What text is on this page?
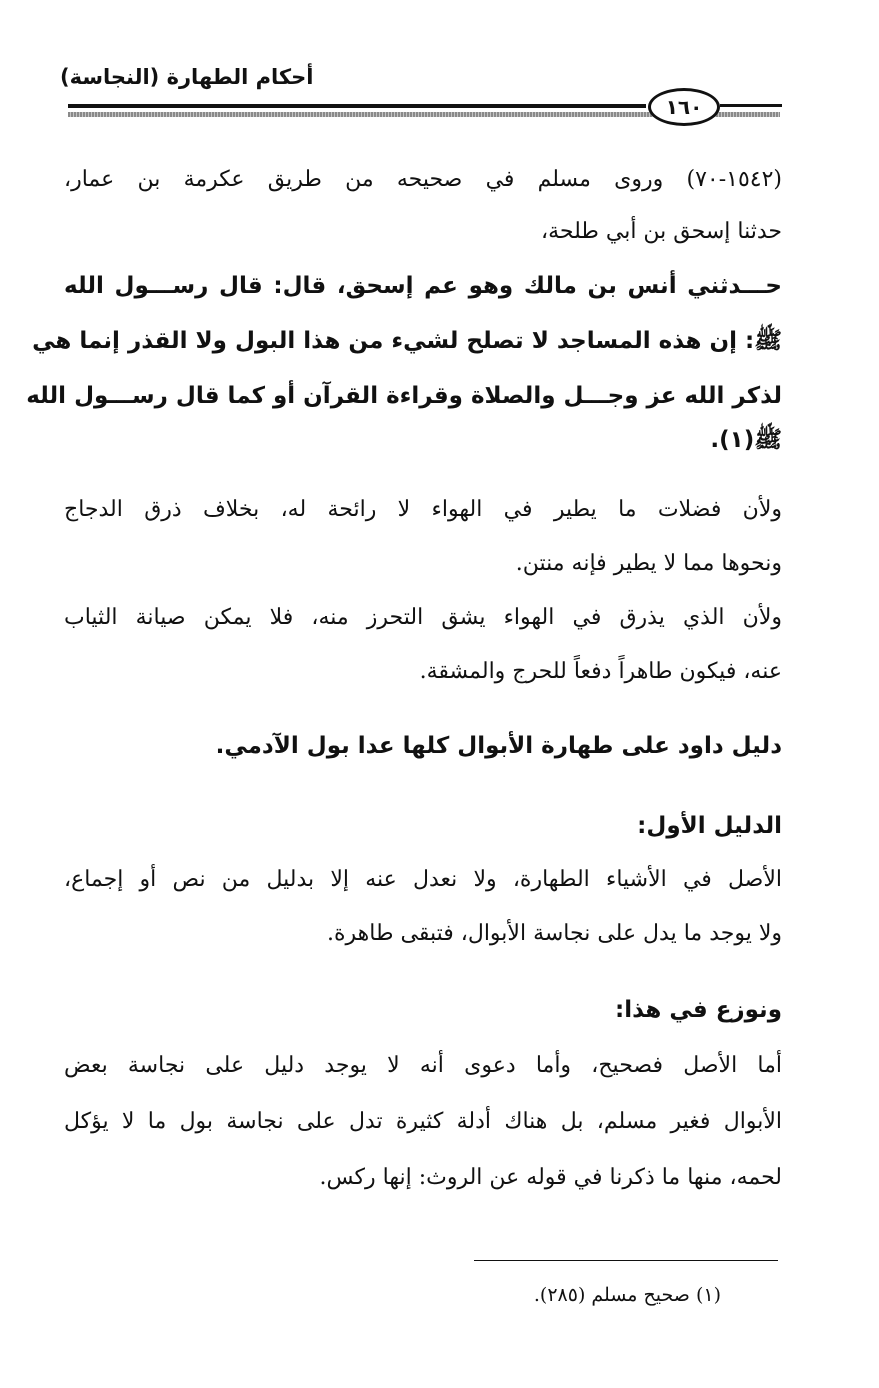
أحكام الطهارة (النجاسة)
١٦٠
(١٥٤٢-٧٠) وروى مسلم في صحيحه من طريق عكرمة بن عمار،
حدثنا إسحق بن أبي طلحة،
حـــدثني أنس بن مالك وهو عم إسحق، قال: قال رســـول الله
ﷺ: إن هذه المساجد لا تصلح لشيء من هذا البول ولا القذر إنما هي
لذكر الله عز وجـــل والصلاة وقراءة القرآن أو كما قال رســـول الله
ﷺ(١).
ولأن فضلات ما يطير في الهواء لا رائحة له، بخلاف ذرق الدجاج
ونحوها مما لا يطير فإنه منتن.
ولأن الذي يذرق في الهواء يشق التحرز منه، فلا يمكن صيانة الثياب
عنه، فيكون طاهراً دفعاً للحرج والمشقة.
دليل داود على طهارة الأبوال كلها عدا بول الآدمي.
الدليل الأول:
الأصل في الأشياء الطهارة، ولا نعدل عنه إلا بدليل من نص أو إجماع،
ولا يوجد ما يدل على نجاسة الأبوال، فتبقى طاهرة.
ونوزع في هذا:
أما الأصل فصحيح، وأما دعوى أنه لا يوجد دليل على نجاسة بعض
الأبوال فغير مسلم، بل هناك أدلة كثيرة تدل على نجاسة بول ما لا يؤكل
لحمه، منها ما ذكرنا في قوله عن الروث: إنها ركس.
(١) صحيح مسلم (٢٨٥).
